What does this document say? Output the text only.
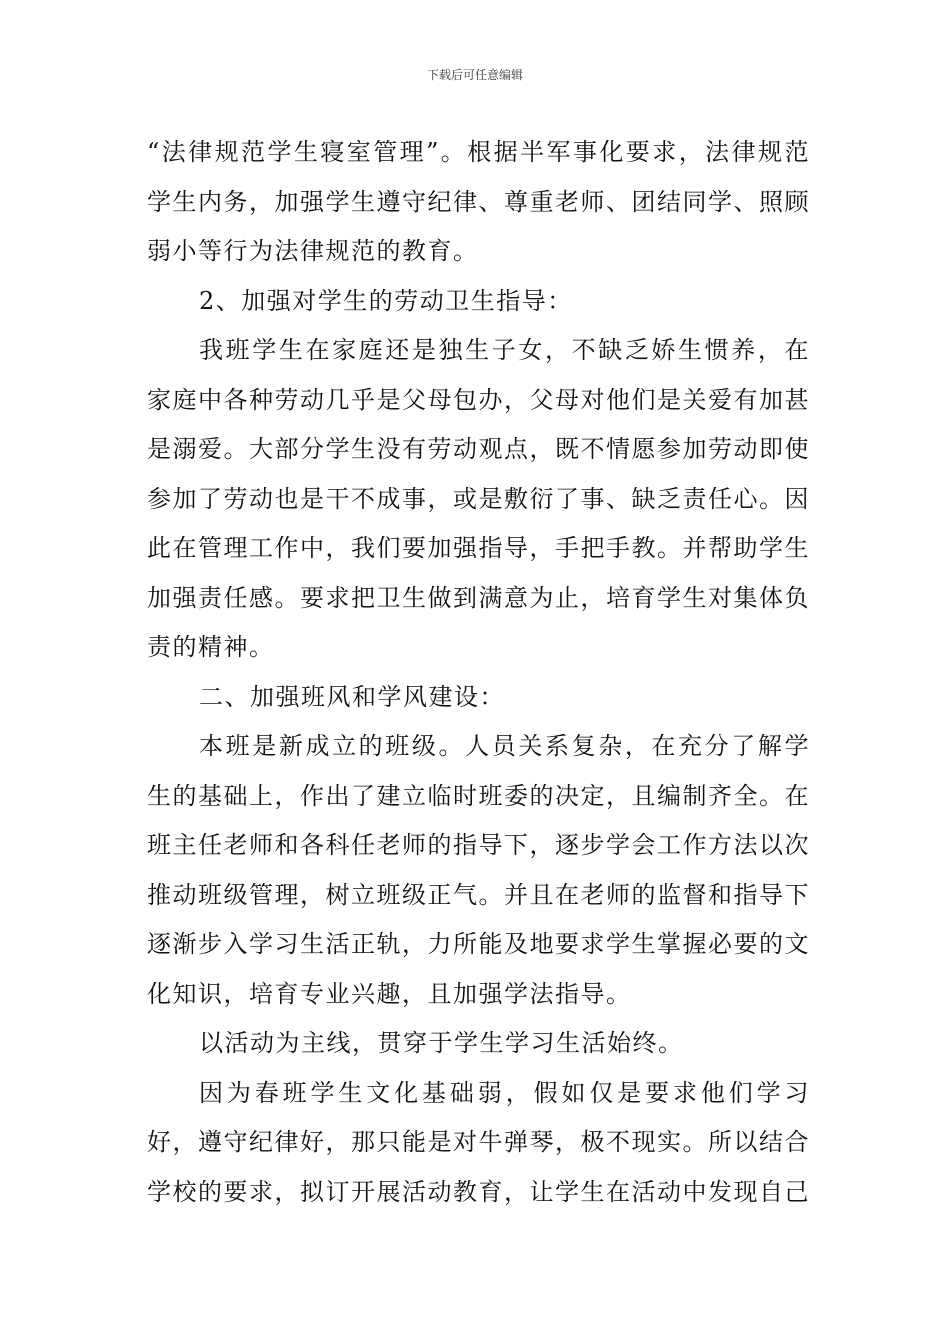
下载后可任意编辑

“法律规范学生寝室管理”。根据半军事化要求，法律规范学生内务，加强学生遵守纪律、尊重老师、团结同学、照顾弱小等行为法律规范的教育。

2、加强对学生的劳动卫生指导：

我班学生在家庭还是独生子女，不缺乏娇生惯养，在家庭中各种劳动几乎是父母包办，父母对他们是关爱有加甚是溺爱。大部分学生没有劳动观点，既不情愿参加劳动即使参加了劳动也是干不成事，或是敷衍了事、缺乏责任心。因此在管理工作中，我们要加强指导，手把手教。并帮助学生加强责任感。要求把卫生做到满意为止，培育学生对集体负责的精神。

二、加强班风和学风建设：

本班是新成立的班级。人员关系复杂，在充分了解学生的基础上，作出了建立临时班委的决定，且编制齐全。在班主任老师和各科任老师的指导下，逐步学会工作方法以次推动班级管理，树立班级正气。并且在老师的监督和指导下逐渐步入学习生活正轨，力所能及地要求学生掌握必要的文化知识，培育专业兴趣，且加强学法指导。

以活动为主线，贯穿于学生学习生活始终。

因为春班学生文化基础弱，假如仅是要求他们学习好，遵守纪律好，那只能是对牛弹琴，极不现实。所以结合学校的要求，拟订开展活动教育，让学生在活动中发现自己
